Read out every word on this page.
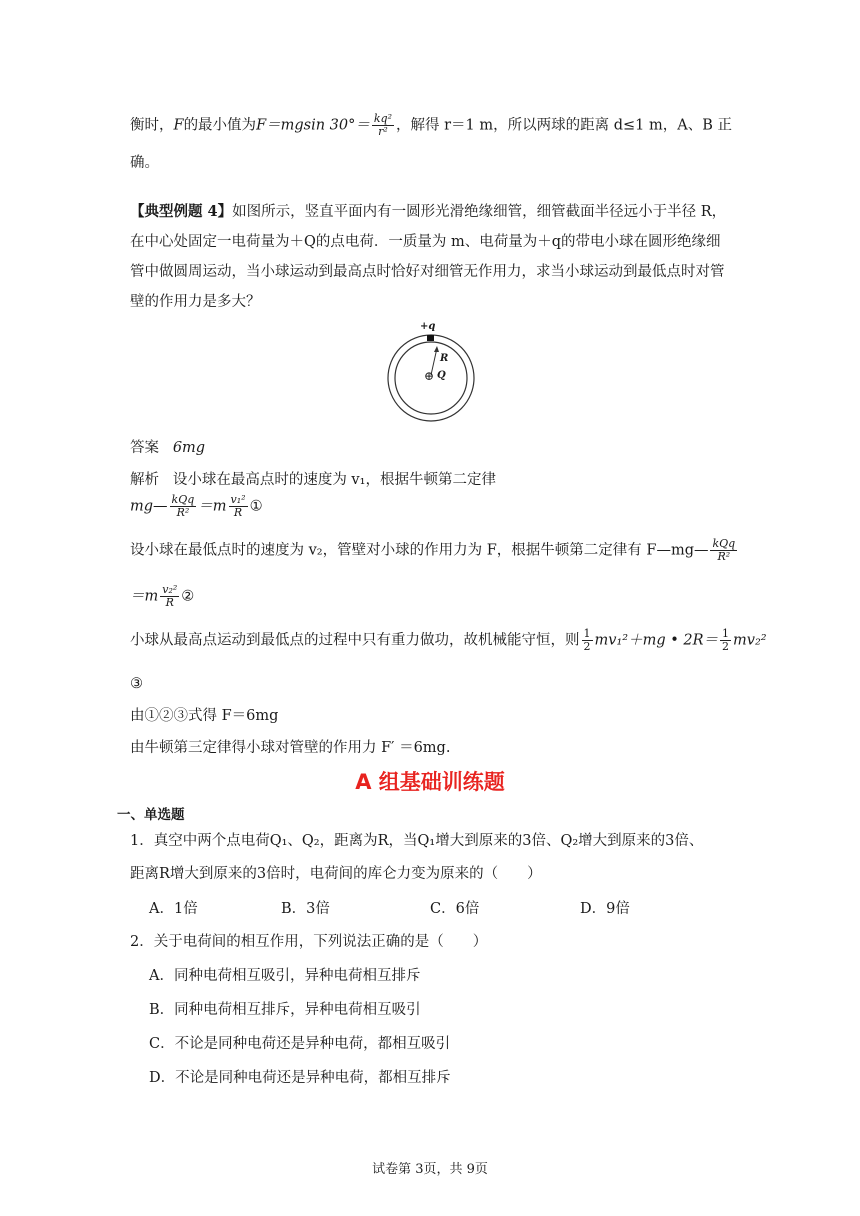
衡时，F的最小值为F＝mgsin $30^\circ= \frac{\text{kq²}}{\text{r²}}$ ，解得 r＝1 m，所以两球的距离 d≤1 m，A、B 正
确。
【典型例题 4】如图所示，竖直平面内有一圆形光滑绝缘细管，细管截面半径远小于半径 R，在中心处固定一电荷量为＋Q的点电荷．一质量为 m、电荷量为＋q的带电小球在圆形绝缘细管中做圆周运动，当小球运动到最高点时恰好对细管无作用力，求当小球运动到最低点时对管壁的作用力是多大？
+q
R
⊕ Q
答案 6mg
解析 设小球在最高点时的速度为 v₁，根据牛顿第二定律
mg— $\frac{\text{kQq}}{\text{R²}} =m \frac{\text{v₁²}}{R}$ ①
设小球在最低点时的速度为 v₂，管壁对小球的作用力为 F，根据牛顿第二定律有 F—mg— $\frac{\text{kQq}}{\text{R²}}$
$=m \frac{\text{v₂²}}{R}$ ②
小球从最高点运动到最低点的过程中只有重力做功，故机械能守恒，则 $\frac{1}{2} mv_1^2+mg$ • $2R= \frac{1}{2} mv_2^2$
③
由①②③式得 F＝6mg
由牛顿第三定律得小球对管壁的作用力 F′ ＝6mg.
A 组基础训练题
一、单选题
1．真空中两个点电荷Q₁、Q₂，距离为R，当Q₁增大到原来的3倍、Q₂增大到原来的3倍、
距离R增大到原来的3倍时，电荷间的库仑力变为原来的（　　）
A．1倍	B．3倍	C．6倍	D．9倍
2．关于电荷间的相互作用，下列说法正确的是（　　）
A．同种电荷相互吸引，异种电荷相互排斥
B．同种电荷相互排斥，异种电荷相互吸引
C．不论是同种电荷还是异种电荷，都相互吸引
D．不论是同种电荷还是异种电荷，都相互排斥
试卷第 3页，共 9页
